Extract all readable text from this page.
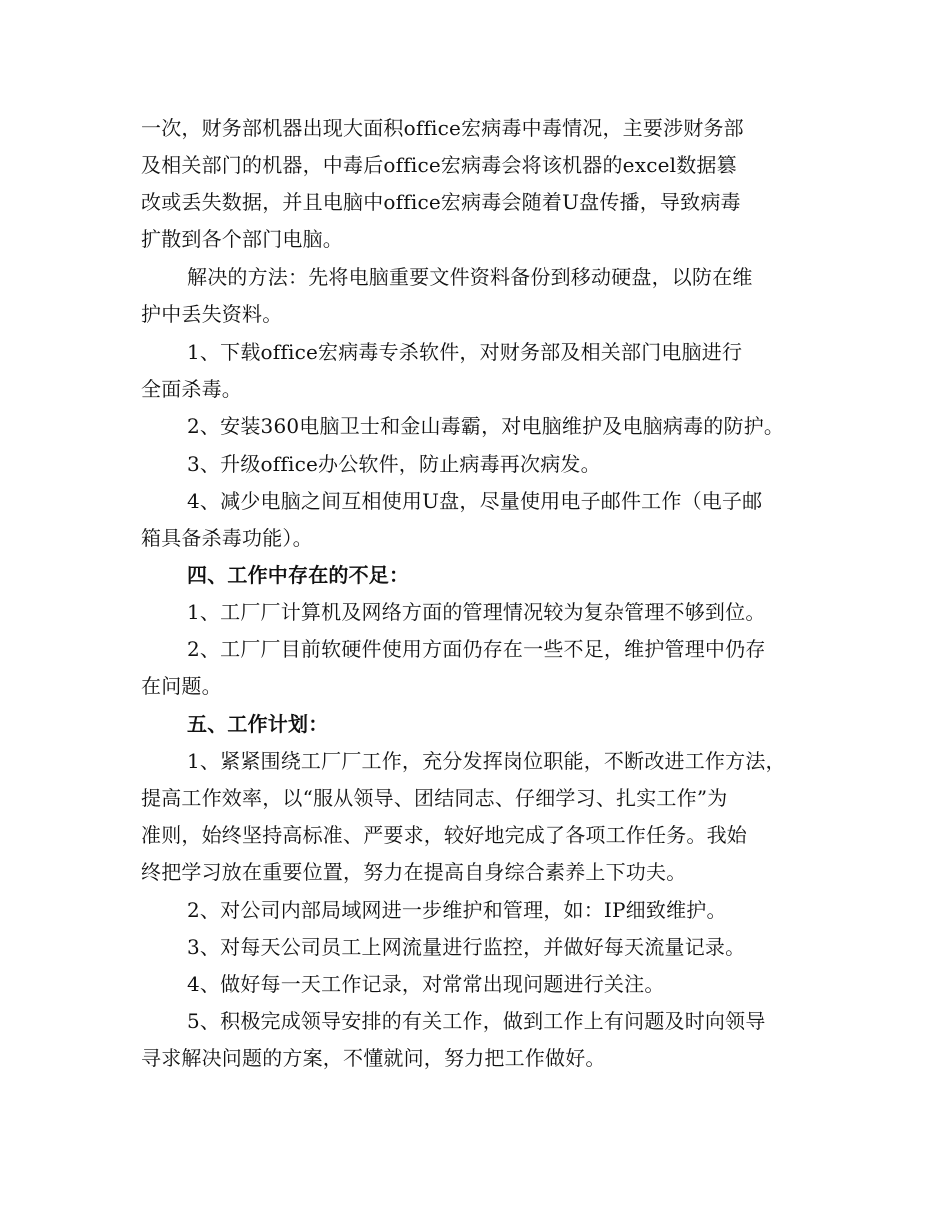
一次，财务部机器出现大面积office宏病毒中毒情况，主要涉财务部
及相关部门的机器，中毒后office宏病毒会将该机器的excel数据篡
改或丢失数据，并且电脑中office宏病毒会随着U盘传播，导致病毒
扩散到各个部门电脑。
解决的方法：先将电脑重要文件资料备份到移动硬盘，以防在维
护中丢失资料。
1、下载office宏病毒专杀软件，对财务部及相关部门电脑进行
全面杀毒。
2、安装360电脑卫士和金山毒霸，对电脑维护及电脑病毒的防护。
3、升级office办公软件，防止病毒再次病发。
4、减少电脑之间互相使用U盘，尽量使用电子邮件工作（电子邮
箱具备杀毒功能）。
四、工作中存在的不足：
1、工厂厂计算机及网络方面的管理情况较为复杂管理不够到位。
2、工厂厂目前软硬件使用方面仍存在一些不足，维护管理中仍存
在问题。
五、工作计划：
1、紧紧围绕工厂厂工作，充分发挥岗位职能，不断改进工作方法，
提高工作效率，以“服从领导、团结同志、仔细学习、扎实工作”为
准则，始终坚持高标准、严要求，较好地完成了各项工作任务。我始
终把学习放在重要位置，努力在提高自身综合素养上下功夫。
2、对公司内部局域网进一步维护和管理，如：IP细致维护。
3、对每天公司员工上网流量进行监控，并做好每天流量记录。
4、做好每一天工作记录，对常常出现问题进行关注。
5、积极完成领导安排的有关工作，做到工作上有问题及时向领导
寻求解决问题的方案，不懂就问，努力把工作做好。
